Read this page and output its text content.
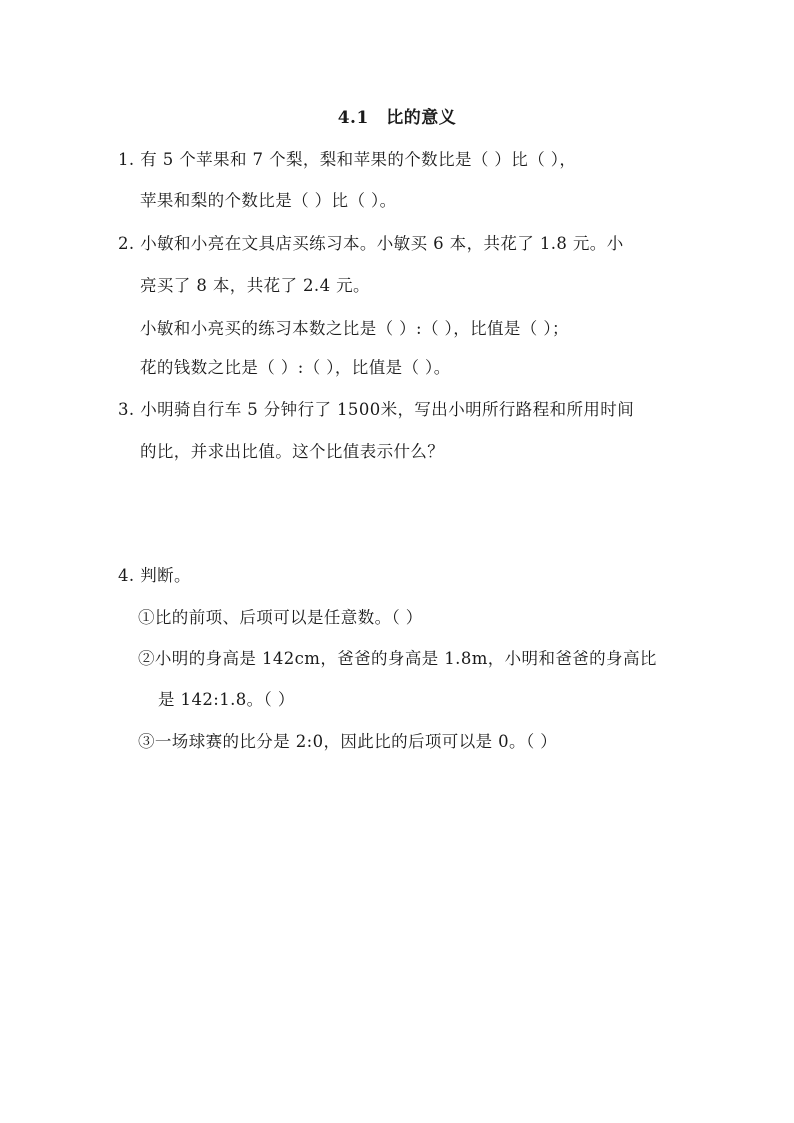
4.1　比的意义
1. 有 5 个苹果和 7 个梨，梨和苹果的个数比是（ ）比（ ），
苹果和梨的个数比是（ ）比（ ）。
2. 小敏和小亮在文具店买练习本。小敏买 6 本，共花了 1.8 元。小
亮买了 8 本，共花了 2.4 元。
小敏和小亮买的练习本数之比是（ ）:（ ），比值是（ ）；
花的钱数之比是（ ）:（ ），比值是（ ）。
3. 小明骑自行车 5 分钟行了 1500米，写出小明所行路程和所用时间
的比，并求出比值。这个比值表示什么？
4. 判断。
①比的前项、后项可以是任意数。（ ）
②小明的身高是 142cm，爸爸的身高是 1.8m，小明和爸爸的身高比
是 142:1.8。（ ）
③一场球赛的比分是 2:0，因此比的后项可以是 0。（ ）
